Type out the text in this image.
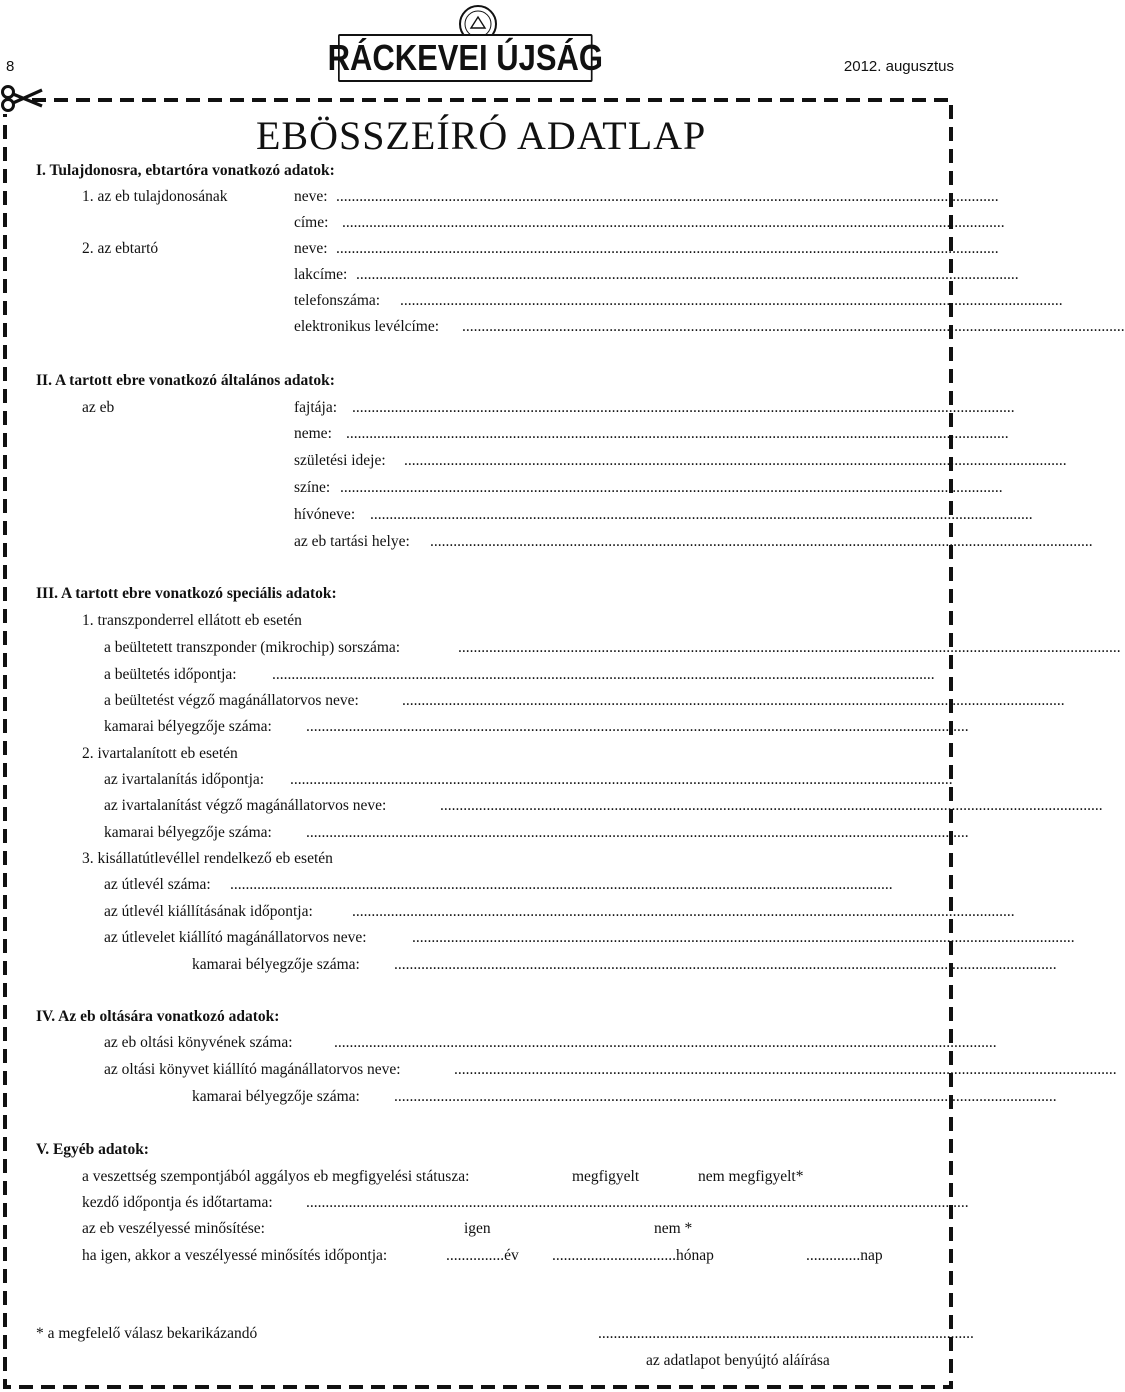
8	RÁCKEVEI ÚJSÁG	2012. augusztus
EBÖSSZEÍRÓ ADATLAP
I. Tulajdonosra, ebtartóra vonatkozó adatok:
1. az eb tulajdonosának	neve: ...........................................................................................................................................................................
címe: ...........................................................................................................................................................................
2. az ebtartó	neve: ...........................................................................................................................................................................
lakcíme: ...........................................................................................................................................................................
telefonszáma: ...........................................................................................................................................................................
elektronikus levélcíme: ...........................................................................................................................................................................
II. A tartott ebre vonatkozó általános adatok:
az eb	fajtája: ...........................................................................................................................................................................
neme: ...........................................................................................................................................................................
születési ideje: ...........................................................................................................................................................................
színe: ...........................................................................................................................................................................
hívóneve: ...........................................................................................................................................................................
az eb tartási helye: ...........................................................................................................................................................................
III. A tartott ebre vonatkozó speciális adatok:
1. transzponderrel ellátott eb esetén
a beültetett transzponder (mikrochip) sorszáma:	...........................................................................................................................................................................
a beültetés időpontja: ...........................................................................................................................................................................
a beültetést végző magánállatorvos neve:	...........................................................................................................................................................................
kamarai bélyegzője száma: ...........................................................................................................................................................................
2. ivartalanított eb esetén
az ivartalanítás időpontja: ...........................................................................................................................................................................
az ivartalanítást végző magánállatorvos neve:	...........................................................................................................................................................................
kamarai bélyegzője száma: ...........................................................................................................................................................................
3. kisállatútlevéllel rendelkező eb esetén
az útlevél száma: ...........................................................................................................................................................................
az útlevél kiállításának időpontja:	...........................................................................................................................................................................
az útlevelet kiállító magánállatorvos neve:	...........................................................................................................................................................................
kamarai bélyegzője száma: ...........................................................................................................................................................................
IV. Az eb oltására vonatkozó adatok:
az eb oltási könyvének száma:	...........................................................................................................................................................................
az oltási könyvet kiállító magánállatorvos neve:	...........................................................................................................................................................................
kamarai bélyegzője száma: ...........................................................................................................................................................................
V. Egyéb adatok:
a veszettség szempontjából aggályos eb megfigyelési státusza:	megfigyelt	nem megfigyelt*
kezdő időpontja és időtartama: ...........................................................................................................................................................................
az eb veszélyessé minősítése:	igen	nem *
ha igen, akkor a veszélyessé minősítés időpontja:	...............év ................................hónap	..............nap
* a megfelelő válasz bekarikázandó	.................................................................................................
az adatlapot benyújtó aláírása
